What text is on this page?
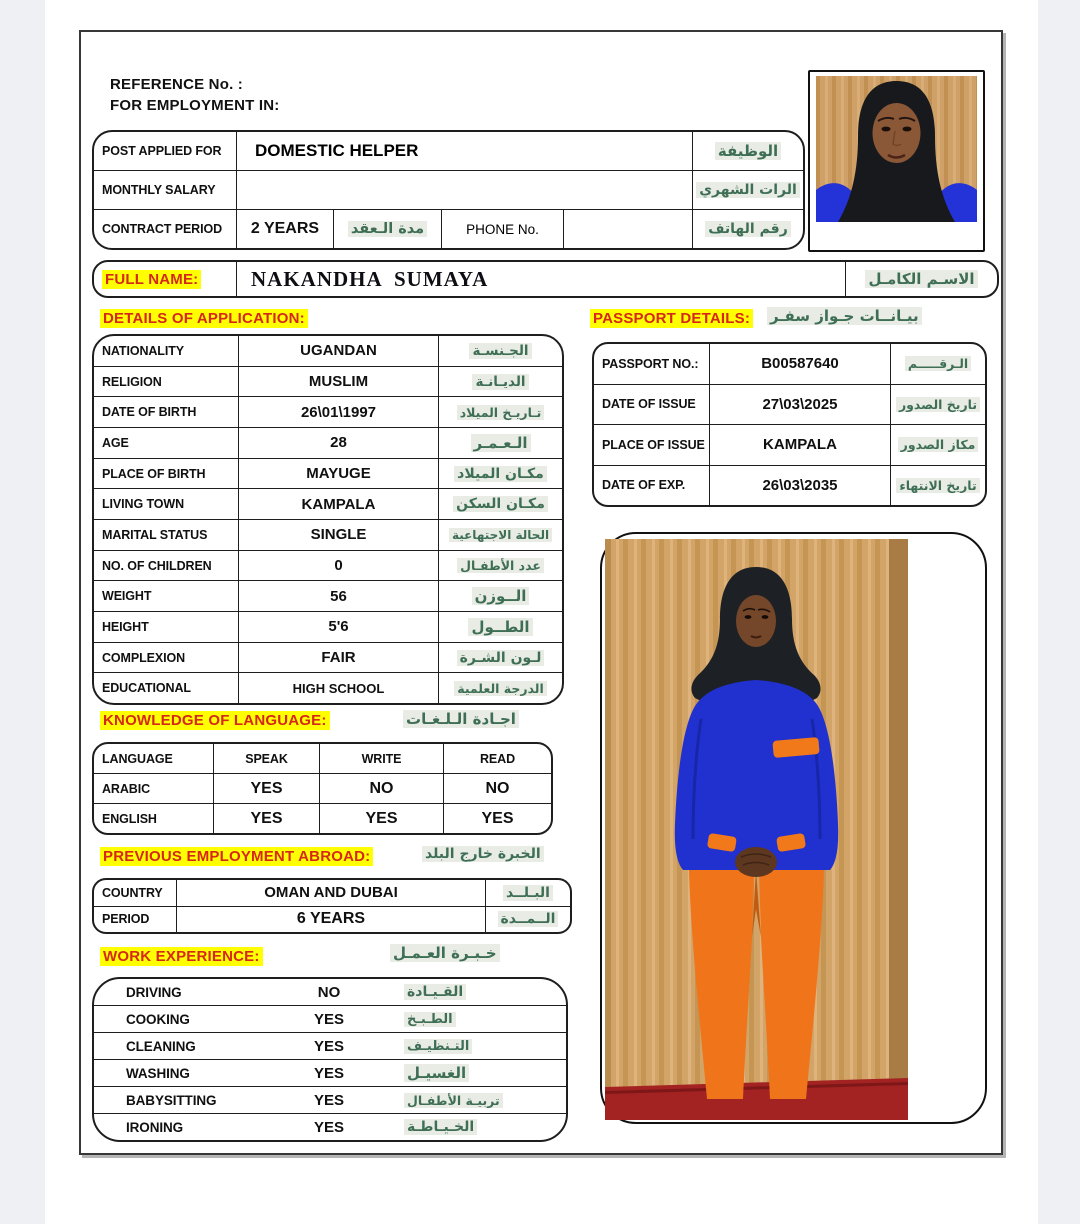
REFERENCE No. :
FOR EMPLOYMENT IN:
POST APPLIED FOR	DOMESTIC HELPER	الوظيفة
MONTHLY SALARY	الرات الشهري
CONTRACT PERIOD	2 YEARS	مدة الـعقد	PHONE No.	رقم الهاتف
FULL NAME:	NAKANDHA  SUMAYA	الاسـم الكامـل
DETAILS OF APPLICATION:	PASSPORT DETAILS: بيـانــات جـواز سفـر
NATIONALITY	UGANDAN	الجـنسـة
RELIGION	MUSLIM	الديـانـة
DATE OF BIRTH	26\01\1997	تـاريـخ الميلاد
AGE	28	الـعـمـر
PLACE OF BIRTH	MAYUGE	مكـان الميلاد
LIVING TOWN	KAMPALA	مكـان السكن
MARITAL STATUS	SINGLE	الحالة الاجتهاعية
NO. OF CHILDREN	0	عدد الأطفـال
WEIGHT	56	الــوزن
HEIGHT	5'6	الطــول
COMPLEXION	FAIR	لـون الشـرة
EDUCATIONAL	HIGH SCHOOL	الدرجة العلمية
PASSPORT NO.:	B00587640	الـرقـــــم
DATE OF ISSUE	27\03\2025	تاريخ الصدور
PLACE OF ISSUE	KAMPALA	مكاز الصدور
DATE OF EXP.	26\03\2035	تاريخ الانتهاء
KNOWLEDGE OF LANGUAGE:	اجـادة الـلـغـات
LANGUAGE	SPEAK	WRITE	READ
ARABIC	YES	NO	NO
ENGLISH	YES	YES	YES
PREVIOUS EMPLOYMENT ABROAD:	الخبرة خارج البلد
COUNTRY	OMAN AND DUBAI	البـلــد
PERIOD	6 YEARS	الــمــدة
WORK EXPERIENCE:	خـبـرة العـمـل
DRIVING	NO	القـيـادة
COOKING	YES	الطـبـخ
CLEANING	YES	التـنظيـف
WASHING	YES	الغسيـل
BABYSITTING	YES	تربيـة الأطفـال
IRONING	YES	الخـيـاطـة
